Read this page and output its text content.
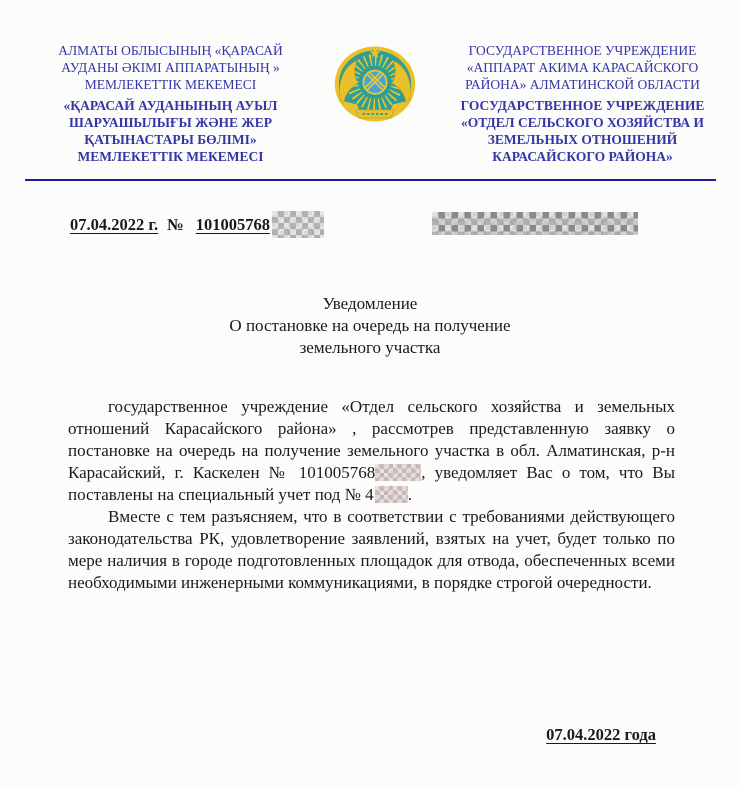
АЛМАТЫ ОБЛЫСЫНЫҢ «ҚАРАСАЙ
АУДАНЫ ӘКІМІ АППАРАТЫНЫҢ »
МЕМЛЕКЕТТІК МЕКЕМЕСІ
«ҚАРАСАЙ АУДАНЫНЫҢ АУЫЛ
ШАРУАШЫЛЫҒЫ ЖӘНЕ ЖЕР
ҚАТЫНАСТАРЫ БӨЛІМІ»
МЕМЛЕКЕТТІК МЕКЕМЕСІ
ГОСУДАРСТВЕННОЕ УЧРЕЖДЕНИЕ
«АППАРАТ АКИМА КАРАСАЙСКОГО
РАЙОНА» АЛМАТИНСКОЙ ОБЛАСТИ
ГОСУДАРСТВЕННОЕ УЧРЕЖДЕНИЕ
«ОТДЕЛ СЕЛЬСКОГО ХОЗЯЙСТВА И
ЗЕМЕЛЬНЫХ ОТНОШЕНИЙ
КАРАСАЙСКОГО РАЙОНА»
07.04.2022 г. № 101005768
Уведомление
О постановке на очередь на получение
земельного участка

государственное учреждение «Отдел сельского хозяйства и земельных отношений Карасайского района» , рассмотрев представленную заявку о постановке на очередь на получение земельного участка в обл. Алматинская, р-н Карасайский, г. Каскелен № 101005768	, уведомляет Вас о том, что Вы поставлены на специальный учет под № 4 .

Вместе с тем разъясняем, что в соответствии с требованиями действующего законодательства РК, удовлетворение заявлений, взятых на учет, будет только по мере наличия в городе подготовленных площадок для отвода, обеспеченных всеми необходимыми инженерными коммуникациями, в порядке строгой очередности.

07.04.2022 года
